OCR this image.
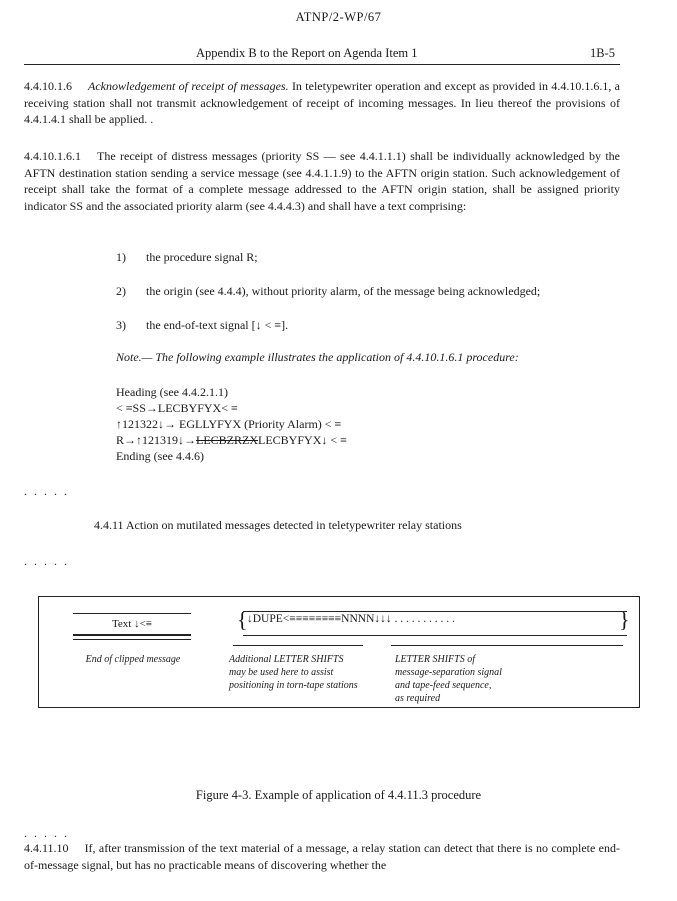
ATNP/2-WP/67
Appendix B to the Report on Agenda Item 1	1B-5

4.4.10.1.6 Acknowledgement of receipt of messages. In teletypewriter operation and except as provided in 4.4.10.1.6.1, a receiving station shall not transmit acknowledgement of receipt of incoming messages. In lieu thereof the provisions of 4.4.1.4.1 shall be applied. .

4.4.10.1.6.1 The receipt of distress messages (priority SS — see 4.4.1.1.1) shall be individually acknowledged by the AFTN destination station sending a service message (see 4.4.1.1.9) to the AFTN origin station. Such acknowledgement of receipt shall take the format of a complete message addressed to the AFTN origin station, shall be assigned priority indicator SS and the associated priority alarm (see 4.4.4.3) and shall have a text comprising:

1) the procedure signal R;
2) the origin (see 4.4.4), without priority alarm, of the message being acknowledged;
3) the end-of-text signal [↓ < ≡].
Note.— The following example illustrates the application of 4.4.10.1.6.1 procedure:
Heading (see 4.4.2.1.1)
< ≡SS→LECBYFYX< ≡
↑121322↓→ EGLLYFYX (Priority Alarm) < ≡
R→↑121319↓→LECBZRZXLECBYFYX↓ < ≡
Ending (see 4.4.6)
. . . . .
4.4.11 Action on mutilated messages detected in teletypewriter relay stations
. . . . .
Text ↓<≡	{	}
↓DUPE<≡≡≡≡≡≡≡≡NNNN↓↓↓ . . . . . . . . . . .
End of clipped message	Additional LETTER SHIFTS may be used here to assist positioning in torn-tape stations
LETTER SHIFTS of
message-separation signal
and tape-feed sequence,
as required
Figure 4-3. Example of application of 4.4.11.3 procedure
. . . . .

4.4.11.10 If, after transmission of the text material of a message, a relay station can detect that there is no complete end-of-message signal, but has no practicable means of discovering whether the
